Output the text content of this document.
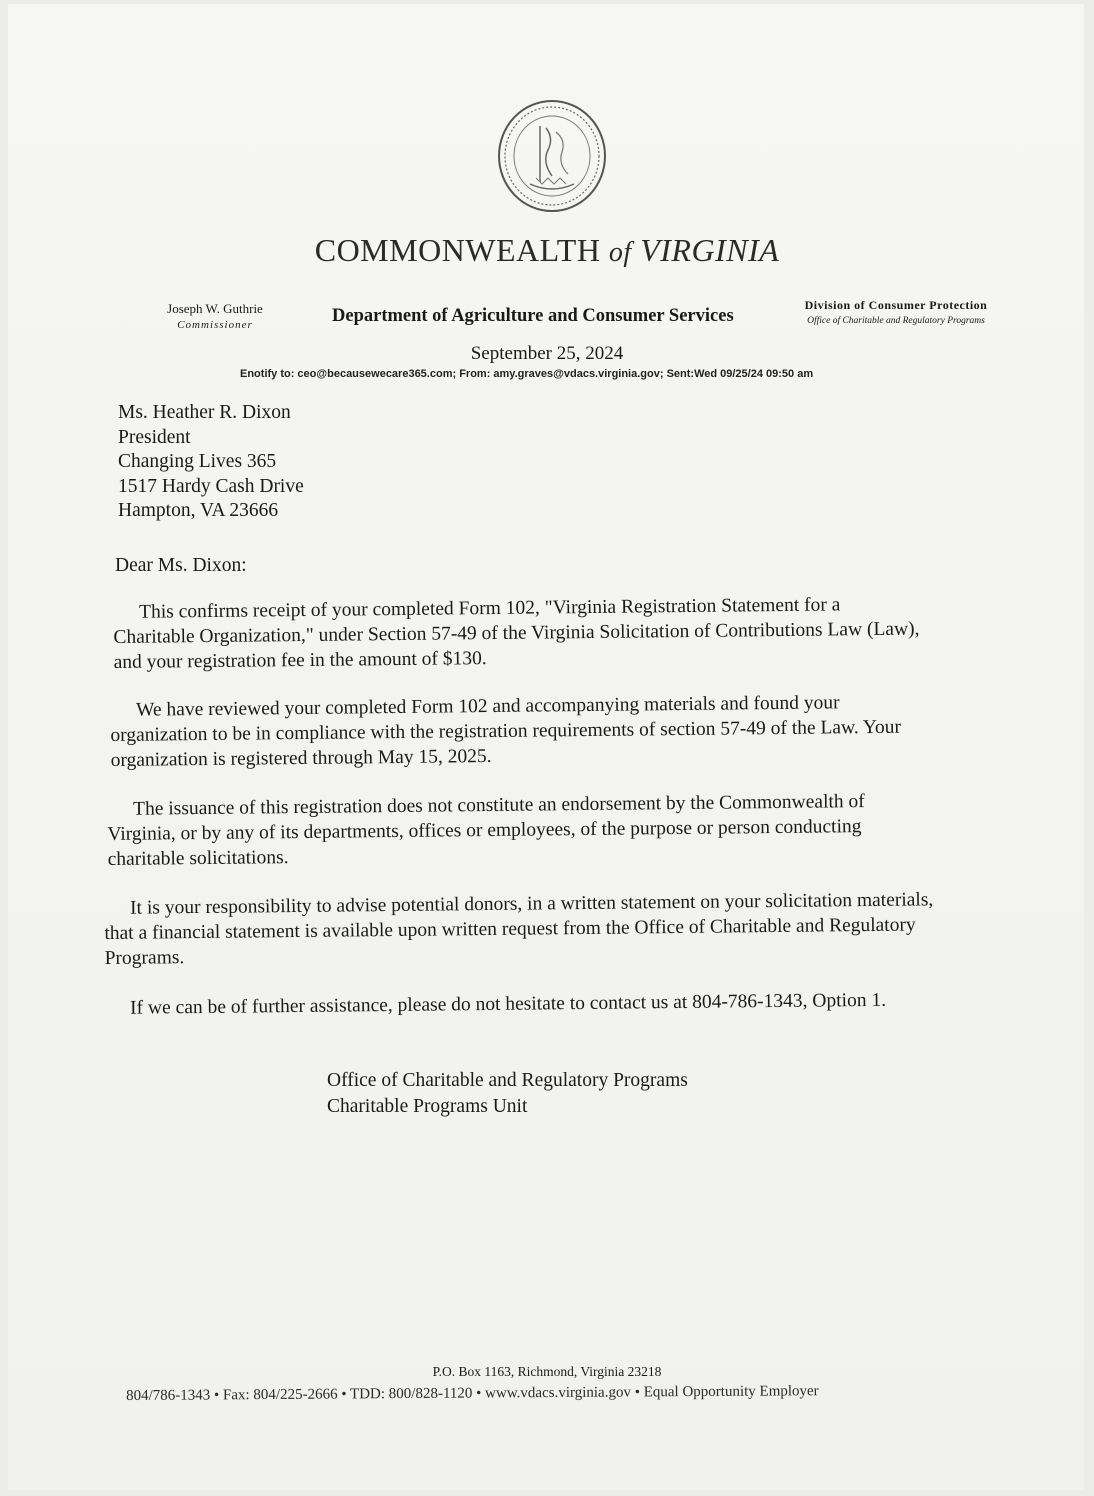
COMMONWEALTH of VIRGINIA
Joseph W. Guthrie
Commissioner	Department of Agriculture and Consumer Services
Division of Consumer Protection
Office of Charitable and Regulatory Programs
September 25, 2024
Enotify to: ceo@becausewecare365.com; From: amy.graves@vdacs.virginia.gov; Sent:Wed 09/25/24 09:50 am
Ms. Heather R. Dixon
President
Changing Lives 365
1517 Hardy Cash Drive
Hampton, VA 23666
Dear Ms. Dixon:

This confirms receipt of your completed Form 102, "Virginia Registration Statement for a Charitable Organization," under Section 57-49 of the Virginia Solicitation of Contributions Law (Law), and your registration fee in the amount of $130.

We have reviewed your completed Form 102 and accompanying materials and found your organization to be in compliance with the registration requirements of section 57-49 of the Law. Your organization is registered through May 15, 2025.

The issuance of this registration does not constitute an endorsement by the Commonwealth of Virginia, or by any of its departments, offices or employees, of the purpose or person conducting charitable solicitations.

It is your responsibility to advise potential donors, in a written statement on your solicitation materials, that a financial statement is available upon written request from the Office of Charitable and Regulatory Programs.

If we can be of further assistance, please do not hesitate to contact us at 804-786-1343, Option 1.

Office of Charitable and Regulatory Programs
Charitable Programs Unit
P.O. Box 1163, Richmond, Virginia 23218
804/786-1343 • Fax: 804/225-2666 • TDD: 800/828-1120 • www.vdacs.virginia.gov • Equal Opportunity Employer
